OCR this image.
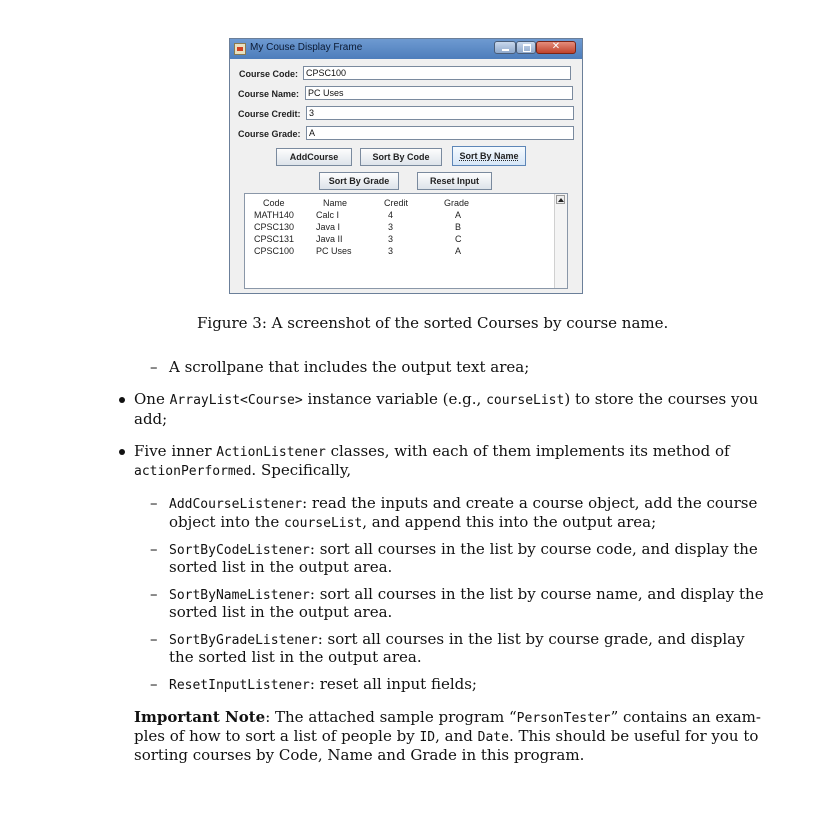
My Couse Display Frame	✕
Course Code: CPSC100
Course Name: PC Uses
Course Credit: 3
Course Grade: A
AddCourse	Sort By Code	Sort By Name
Sort By Grade	Reset Input
Code	Name	Credit	Grade
MATH140 Calc I	4	A
CPSC130 Java I	3	B
CPSC131 Java II	3	C
CPSC100 PC Uses	3	A
Figure 3: A screenshot of the sorted Courses by course name.
– A scrollpane that includes the output text area;
One ArrayList<Course> instance variable (e.g., courseList) to store the courses you
add;
Five inner ActionListener classes, with each of them implements its method of
actionPerformed. Specifically,
– AddCourseListener: read the inputs and create a course object, add the course
object into the courseList, and append this into the output area;
– SortByCodeListener: sort all courses in the list by course code, and display the
sorted list in the output area.
– SortByNameListener: sort all courses in the list by course name, and display the
sorted list in the output area.
– SortByGradeListener: sort all courses in the list by course grade, and display
the sorted list in the output area.
– ResetInputListener: reset all input fields;
Important Note: The attached sample program “PersonTester” contains an exam-
ples of how to sort a list of people by ID, and Date. This should be useful for you to
sorting courses by Code, Name and Grade in this program.
